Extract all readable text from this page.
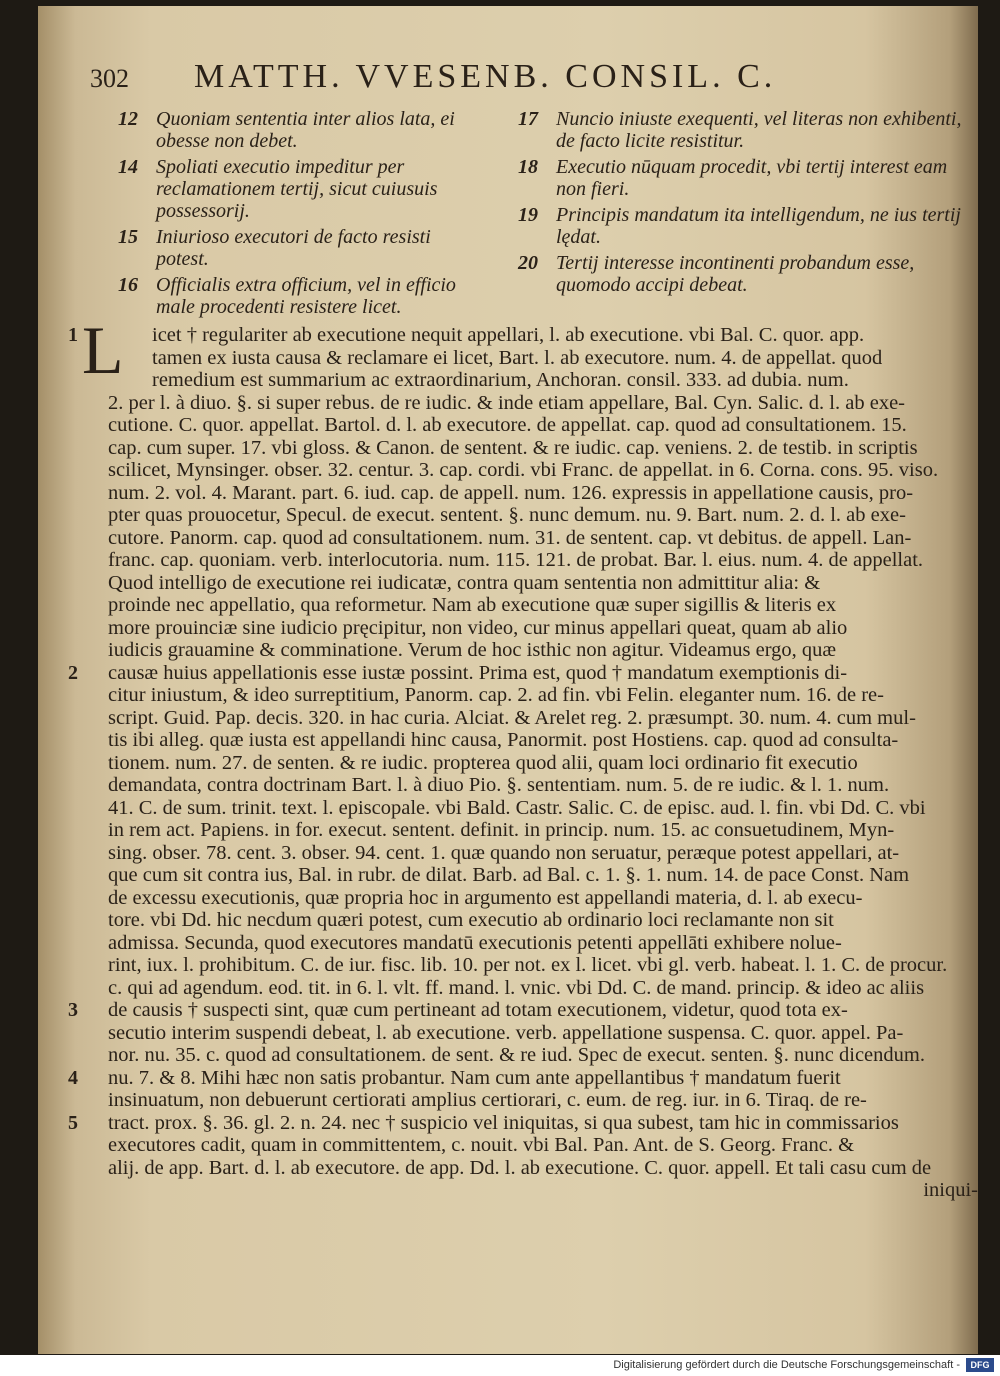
302 MATTH. VVESENB. CONSIL. C.
12 Quoniam sententia inter alios lata, ei obesse non debet.
14 Spoliati executio impeditur per reclamationem tertij, sicut cuiusuis possessorij.
15 Iniurioso executori de facto resisti potest.
16 Officialis extra officium, vel in efficio male procedenti resistere licet.
17 Nuncio iniuste exequenti, vel literas non exhibenti, de facto licite resistitur.
18 Executio nūquam procedit, vbi tertij interest eam non fieri.
19 Principis mandatum ita intelligendum, ne ius tertij lędat.
20 Tertij interesse incontinenti probandum esse, quomodo accipi debeat.
L	icet † regulariter ab executione nequit appellari, l. ab executione. vbi Bal. C. quor. app.
tamen ex iusta causa & reclamare ei licet, Bart. l. ab executore. num. 4. de appellat. quod
remedium est summarium ac extraordinarium, Anchoran. consil. 333. ad dubia. num.
2. per l. à diuo. §. si super rebus. de re iudic. & inde etiam appellare, Bal. Cyn. Salic. d. l. ab exe-
cutione. C. quor. appellat. Bartol. d. l. ab executore. de appellat. cap. quod ad consultationem. 15.
cap. cum super. 17. vbi gloss. & Canon. de sentent. & re iudic. cap. veniens. 2. de testib. in scriptis
scilicet, Mynsinger. obser. 32. centur. 3. cap. cordi. vbi Franc. de appellat. in 6. Corna. cons. 95. viso.
num. 2. vol. 4. Marant. part. 6. iud. cap. de appell. num. 126. expressis in appellatione causis, pro-
pter quas prouocetur, Specul. de execut. sentent. §. nunc demum. nu. 9. Bart. num. 2. d. l. ab exe-
cutore. Panorm. cap. quod ad consultationem. num. 31. de sentent. cap. vt debitus. de appell. Lan-
franc. cap. quoniam. verb. interlocutoria. num. 115. 121. de probat. Bar. l. eius. num. 4. de appellat.
Quod intelligo de executione rei iudicatæ, contra quam sententia non admittitur alia: &
proinde nec appellatio, qua reformetur. Nam ab executione quæ super sigillis & literis ex
more prouinciæ sine iudicio pręcipitur, non video, cur minus appellari queat, quam ab alio
iudicis grauamine & comminatione. Verum de hoc isthic non agitur. Videamus ergo, quæ
causæ huius appellationis esse iustæ possint. Prima est, quod † mandatum exemptionis di-
citur iniustum, & ideo surreptitium, Panorm. cap. 2. ad fin. vbi Felin. eleganter num. 16. de re-
script. Guid. Pap. decis. 320. in hac curia. Alciat. & Arelet reg. 2. præsumpt. 30. num. 4. cum mul-
tis ibi alleg. quæ iusta est appellandi hinc causa, Panormit. post Hostiens. cap. quod ad consulta-
tionem. num. 27. de senten. & re iudic. propterea quod alii, quam loci ordinario fit executio
demandata, contra doctrinam Bart. l. à diuo Pio. §. sententiam. num. 5. de re iudic. & l. 1. num.
41. C. de sum. trinit. text. l. episcopale. vbi Bald. Castr. Salic. C. de episc. aud. l. fin. vbi Dd. C. vbi
in rem act. Papiens. in for. execut. sentent. definit. in princip. num. 15. ac consuetudinem, Myn-
sing. obser. 78. cent. 3. obser. 94. cent. 1. quæ quando non seruatur, peræque potest appellari, at-
que cum sit contra ius, Bal. in rubr. de dilat. Barb. ad Bal. c. 1. §. 1. num. 14. de pace Const. Nam
de excessu executionis, quæ propria hoc in argumento est appellandi materia, d. l. ab execu-
tore. vbi Dd. hic necdum quæri potest, cum executio ab ordinario loci reclamante non sit
admissa. Secunda, quod executores mandatū executionis petenti appellāti exhibere nolue-
rint, iux. l. prohibitum. C. de iur. fisc. lib. 10. per not. ex l. licet. vbi gl. verb. habeat. l. 1. C. de procur.
c. qui ad agendum. eod. tit. in 6. l. vlt. ff. mand. l. vnic. vbi Dd. C. de mand. princip. & ideo ac aliis
de causis † suspecti sint, quæ cum pertineant ad totam executionem, videtur, quod tota ex-
secutio interim suspendi debeat, l. ab executione. verb. appellatione suspensa. C. quor. appel. Pa-
nor. nu. 35. c. quod ad consultationem. de sent. & re iud. Spec de execut. senten. §. nunc dicendum.
nu. 7. & 8. Mihi hæc non satis probantur. Nam cum ante appellantibus † mandatum fuerit
insinuatum, non debuerunt certiorati amplius certiorari, c. eum. de reg. iur. in 6. Tiraq. de re-
tract. prox. §. 36. gl. 2. n. 24. nec † suspicio vel iniquitas, si qua subest, tam hic in commissarios
executores cadit, quam in committentem, c. nouit. vbi Bal. Pan. Ant. de S. Georg. Franc. &
alij. de app. Bart. d. l. ab executore. de app. Dd. l. ab executione. C. quor. appell. Et tali casu cum de
iniqui-
1
2
3
4
5
Digitalisierung gefördert durch die Deutsche Forschungsgemeinschaft -	DFG
